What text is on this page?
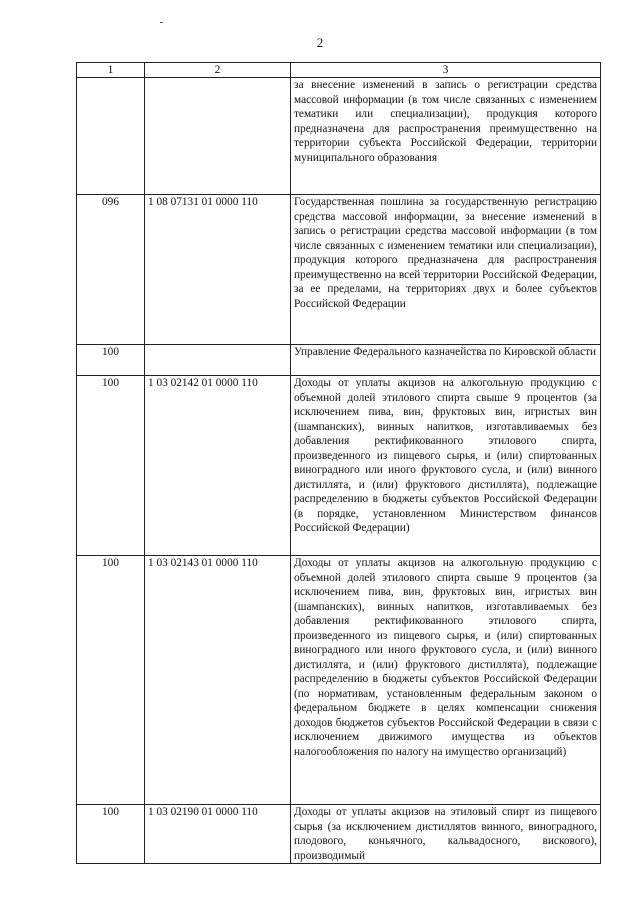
2
1	2	3
		за внесение изменений в запись о регистрации средства массовой информации (в том числе связанных с изменением тематики или специализации), продукция которого предназначена для распространения преимущественно на территории субъекта Российской Федерации, территории муниципального образования
096	1 08 07131 01 0000 110	Государственная пошлина за государственную регистрацию средства массовой информации, за внесение изменений в запись о регистрации средства массовой информации (в том числе связанных с изменением тематики или специализации), продукция которого предназначена для распространения преимущественно на всей территории Российской Федерации, за ее пределами, на территориях двух и более субъектов Российской Федерации
100		Управление Федерального казначейства по Кировской области
100	1 03 02142 01 0000 110	Доходы от уплаты акцизов на алкогольную продукцию с объемной долей этилового спирта свыше 9 процентов (за исключением пива, вин, фруктовых вин, игристых вин (шампанских), винных напитков, изготавливаемых без добавления ректификованного этилового спирта, произведенного из пищевого сырья, и (или) спиртованных виноградного или иного фруктового сусла, и (или) винного дистиллята, и (или) фруктового дистиллята), подлежащие распределению в бюджеты субъектов Российской Федерации (в порядке, установленном Министерством финансов Российской Федерации)
100	1 03 02143 01 0000 110	Доходы от уплаты акцизов на алкогольную продукцию с объемной долей этилового спирта свыше 9 процентов (за исключением пива, вин, фруктовых вин, игристых вин (шампанских), винных напитков, изготавливаемых без добавления ректификованного этилового спирта, произведенного из пищевого сырья, и (или) спиртованных виноградного или иного фруктового сусла, и (или) винного дистиллята, и (или) фруктового дистиллята), подлежащие распределению в бюджеты субъектов Российской Федерации (по нормативам, установленным федеральным законом о федеральном бюджете в целях компенсации снижения доходов бюджетов субъектов Российской Федерации в связи с исключением движимого имущества из объектов налогообложения по налогу на имущество организаций)
100	1 03 02190 01 0000 110	Доходы от уплаты акцизов на этиловый спирт из пищевого сырья (за исключением дистиллятов винного, виноградного, плодового, коньячного, кальвадосного, вискового), производимый
